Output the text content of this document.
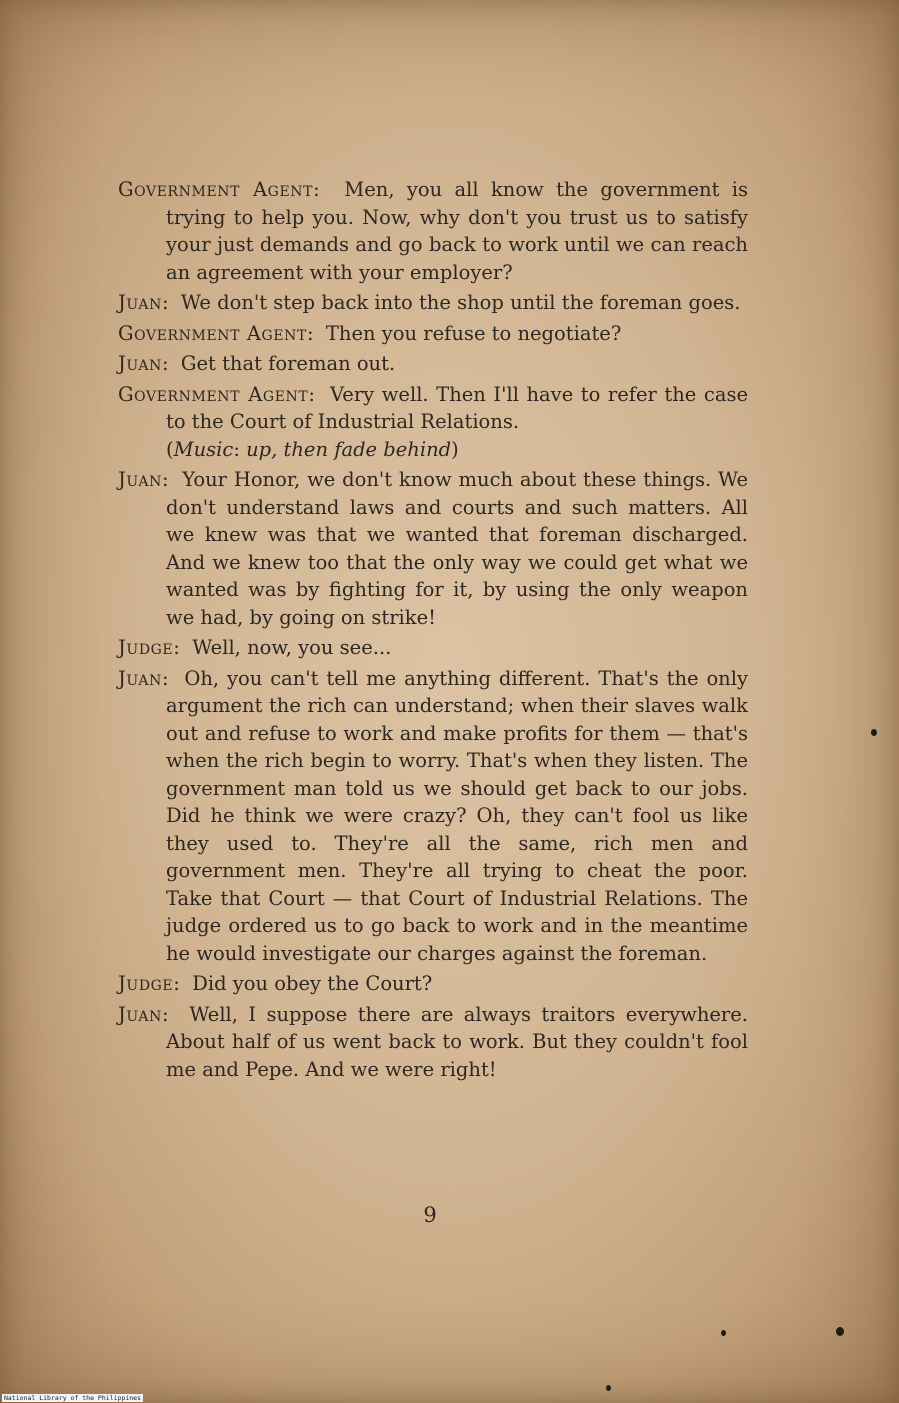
Government Agent:  Men, you all know the government is trying to help you. Now, why don't you trust us to satisfy your just demands and go back to work until we can reach an agreement with your employer?

Juan:  We don't step back into the shop until the foreman goes.

Government Agent:  Then you refuse to negotiate?

Juan:  Get that foreman out.

Government Agent:  Very well. Then I'll have to refer the case to the Court of Industrial Relations.

(Music: up, then fade behind)

Juan:  Your Honor, we don't know much about these things. We don't understand laws and courts and such matters. All we knew was that we wanted that foreman discharged. And we knew too that the only way we could get what we wanted was by fighting for it, by using the only weapon we had, by going on strike!

Judge:  Well, now, you see...

Juan:  Oh, you can't tell me anything different. That's the only argument the rich can understand; when their slaves walk out and refuse to work and make profits for them — that's when the rich begin to worry. That's when they listen. The government man told us we should get back to our jobs. Did he think we were crazy? Oh, they can't fool us like they used to. They're all the same, rich men and government men. They're all trying to cheat the poor. Take that Court — that Court of Industrial Relations. The judge ordered us to go back to work and in the meantime he would investigate our charges against the foreman.

Judge:  Did you obey the Court?

Juan:  Well, I suppose there are always traitors everywhere. About half of us went back to work. But they couldn't fool me and Pepe. And we were right!

9
National Library of the Philippines
